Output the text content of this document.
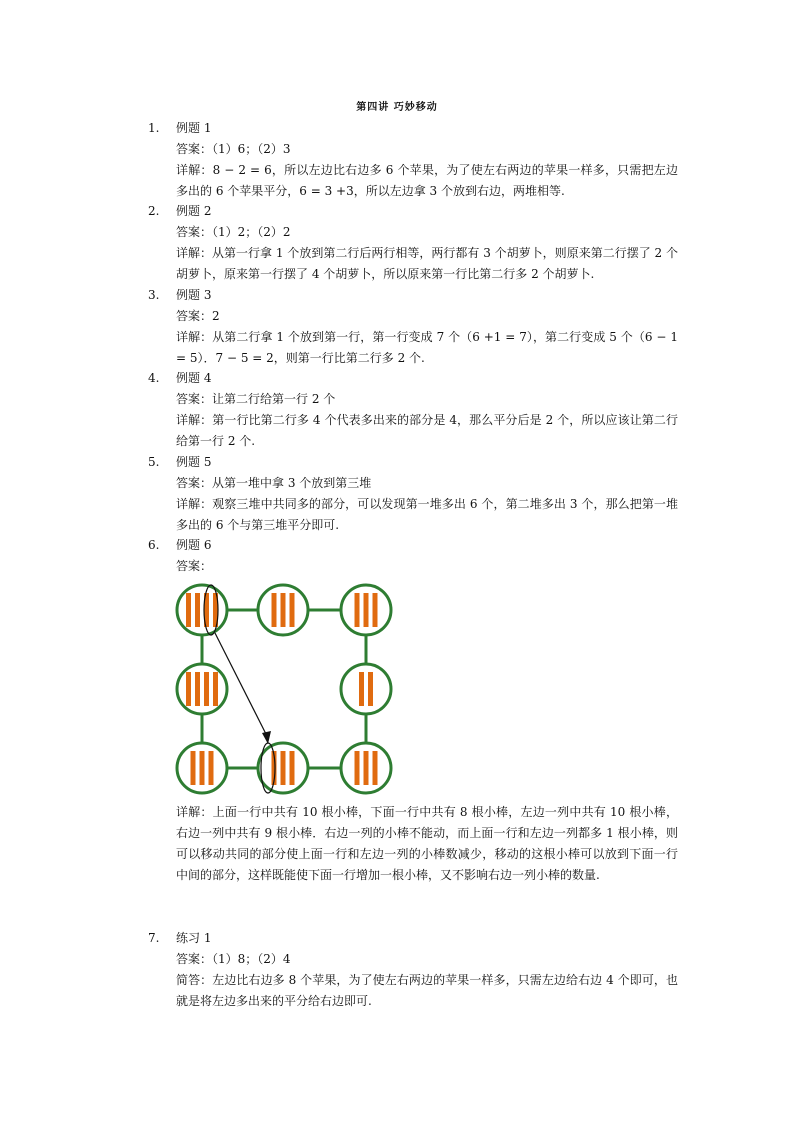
第四讲 巧妙移动
1.	例题 1
答案：（1）6；（2）3
详解：8 − 2 = 6，所以左边比右边多 6 个苹果，为了使左右两边的苹果一样多，只需把左边多出的 6 个苹果平分，6 = 3 +3，所以左边拿 3 个放到右边，两堆相等.
2.	例题 2
答案：（1）2；（2）2
详解：从第一行拿 1 个放到第二行后两行相等，两行都有 3 个胡萝卜，则原来第二行摆了 2 个胡萝卜，原来第一行摆了 4 个胡萝卜，所以原来第一行比第二行多 2 个胡萝卜.
3.	例题 3
答案：2
详解：从第二行拿 1 个放到第一行，第一行变成 7 个（6 +1 = 7），第二行变成 5 个（6 − 1 = 5）．7 − 5 = 2，则第一行比第二行多 2 个.
4.	例题 4
答案：让第二行给第一行 2 个
详解：第一行比第二行多 4 个代表多出来的部分是 4，那么平分后是 2 个，所以应该让第二行给第一行 2 个.
5.	例题 5
答案：从第一堆中拿 3 个放到第三堆
详解：观察三堆中共同多的部分，可以发现第一堆多出 6 个，第二堆多出 3 个，那么把第一堆多出的 6 个与第三堆平分即可.
6.	例题 6
答案：
详解：上面一行中共有 10 根小棒，下面一行中共有 8 根小棒，左边一列中共有 10 根小棒，右边一列中共有 9 根小棒．右边一列的小棒不能动，而上面一行和左边一列都多 1 根小棒，则可以移动共同的部分使上面一行和左边一列的小棒数减少，移动的这根小棒可以放到下面一行中间的部分，这样既能使下面一行增加一根小棒，又不影响右边一列小棒的数量.
7.	练习 1
答案：（1）8；（2）4
简答：左边比右边多 8 个苹果，为了使左右两边的苹果一样多，只需左边给右边 4 个即可，也就是将左边多出来的平分给右边即可.
